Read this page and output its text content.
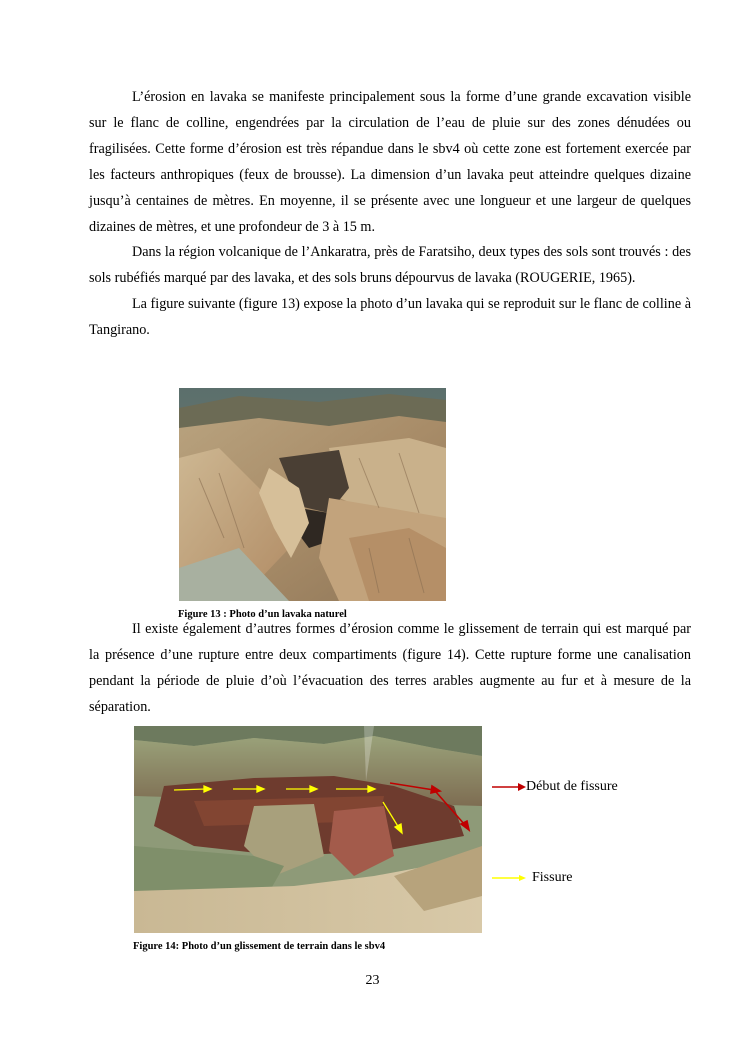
L’érosion en lavaka se manifeste principalement sous la forme d’une grande excavation visible sur le flanc de colline, engendrées par la circulation de l’eau de pluie sur des zones dénudées ou fragilisées. Cette forme d’érosion est très répandue dans le sbv4 où cette zone est fortement exercée par les facteurs anthropiques (feux de brousse). La dimension d’un lavaka peut atteindre quelques dizaine jusqu’à centaines de mètres. En moyenne, il se présente avec une longueur et une largeur de quelques dizaines de mètres, et une profondeur de 3 à 15 m.

Dans la région volcanique de l’Ankaratra, près de Faratsiho, deux types des sols sont trouvés : des sols rubéfiés marqué par des lavaka, et des sols bruns dépourvus de lavaka (ROUGERIE, 1965).

La figure suivante (figure 13) expose la photo d’un lavaka qui se reproduit sur le flanc de colline à Tangirano.

Figure 13 : Photo d’un lavaka naturel

Il existe également d’autres formes d’érosion comme le glissement de terrain qui est marqué par la présence d’une rupture entre deux compartiments (figure 14). Cette rupture forme une canalisation pendant la période de pluie d’où l’évacuation des terres arables augmente au fur et à mesure de la séparation.

Début de fissure
Fissure
Figure 14: Photo d’un glissement de terrain dans le sbv4
23
